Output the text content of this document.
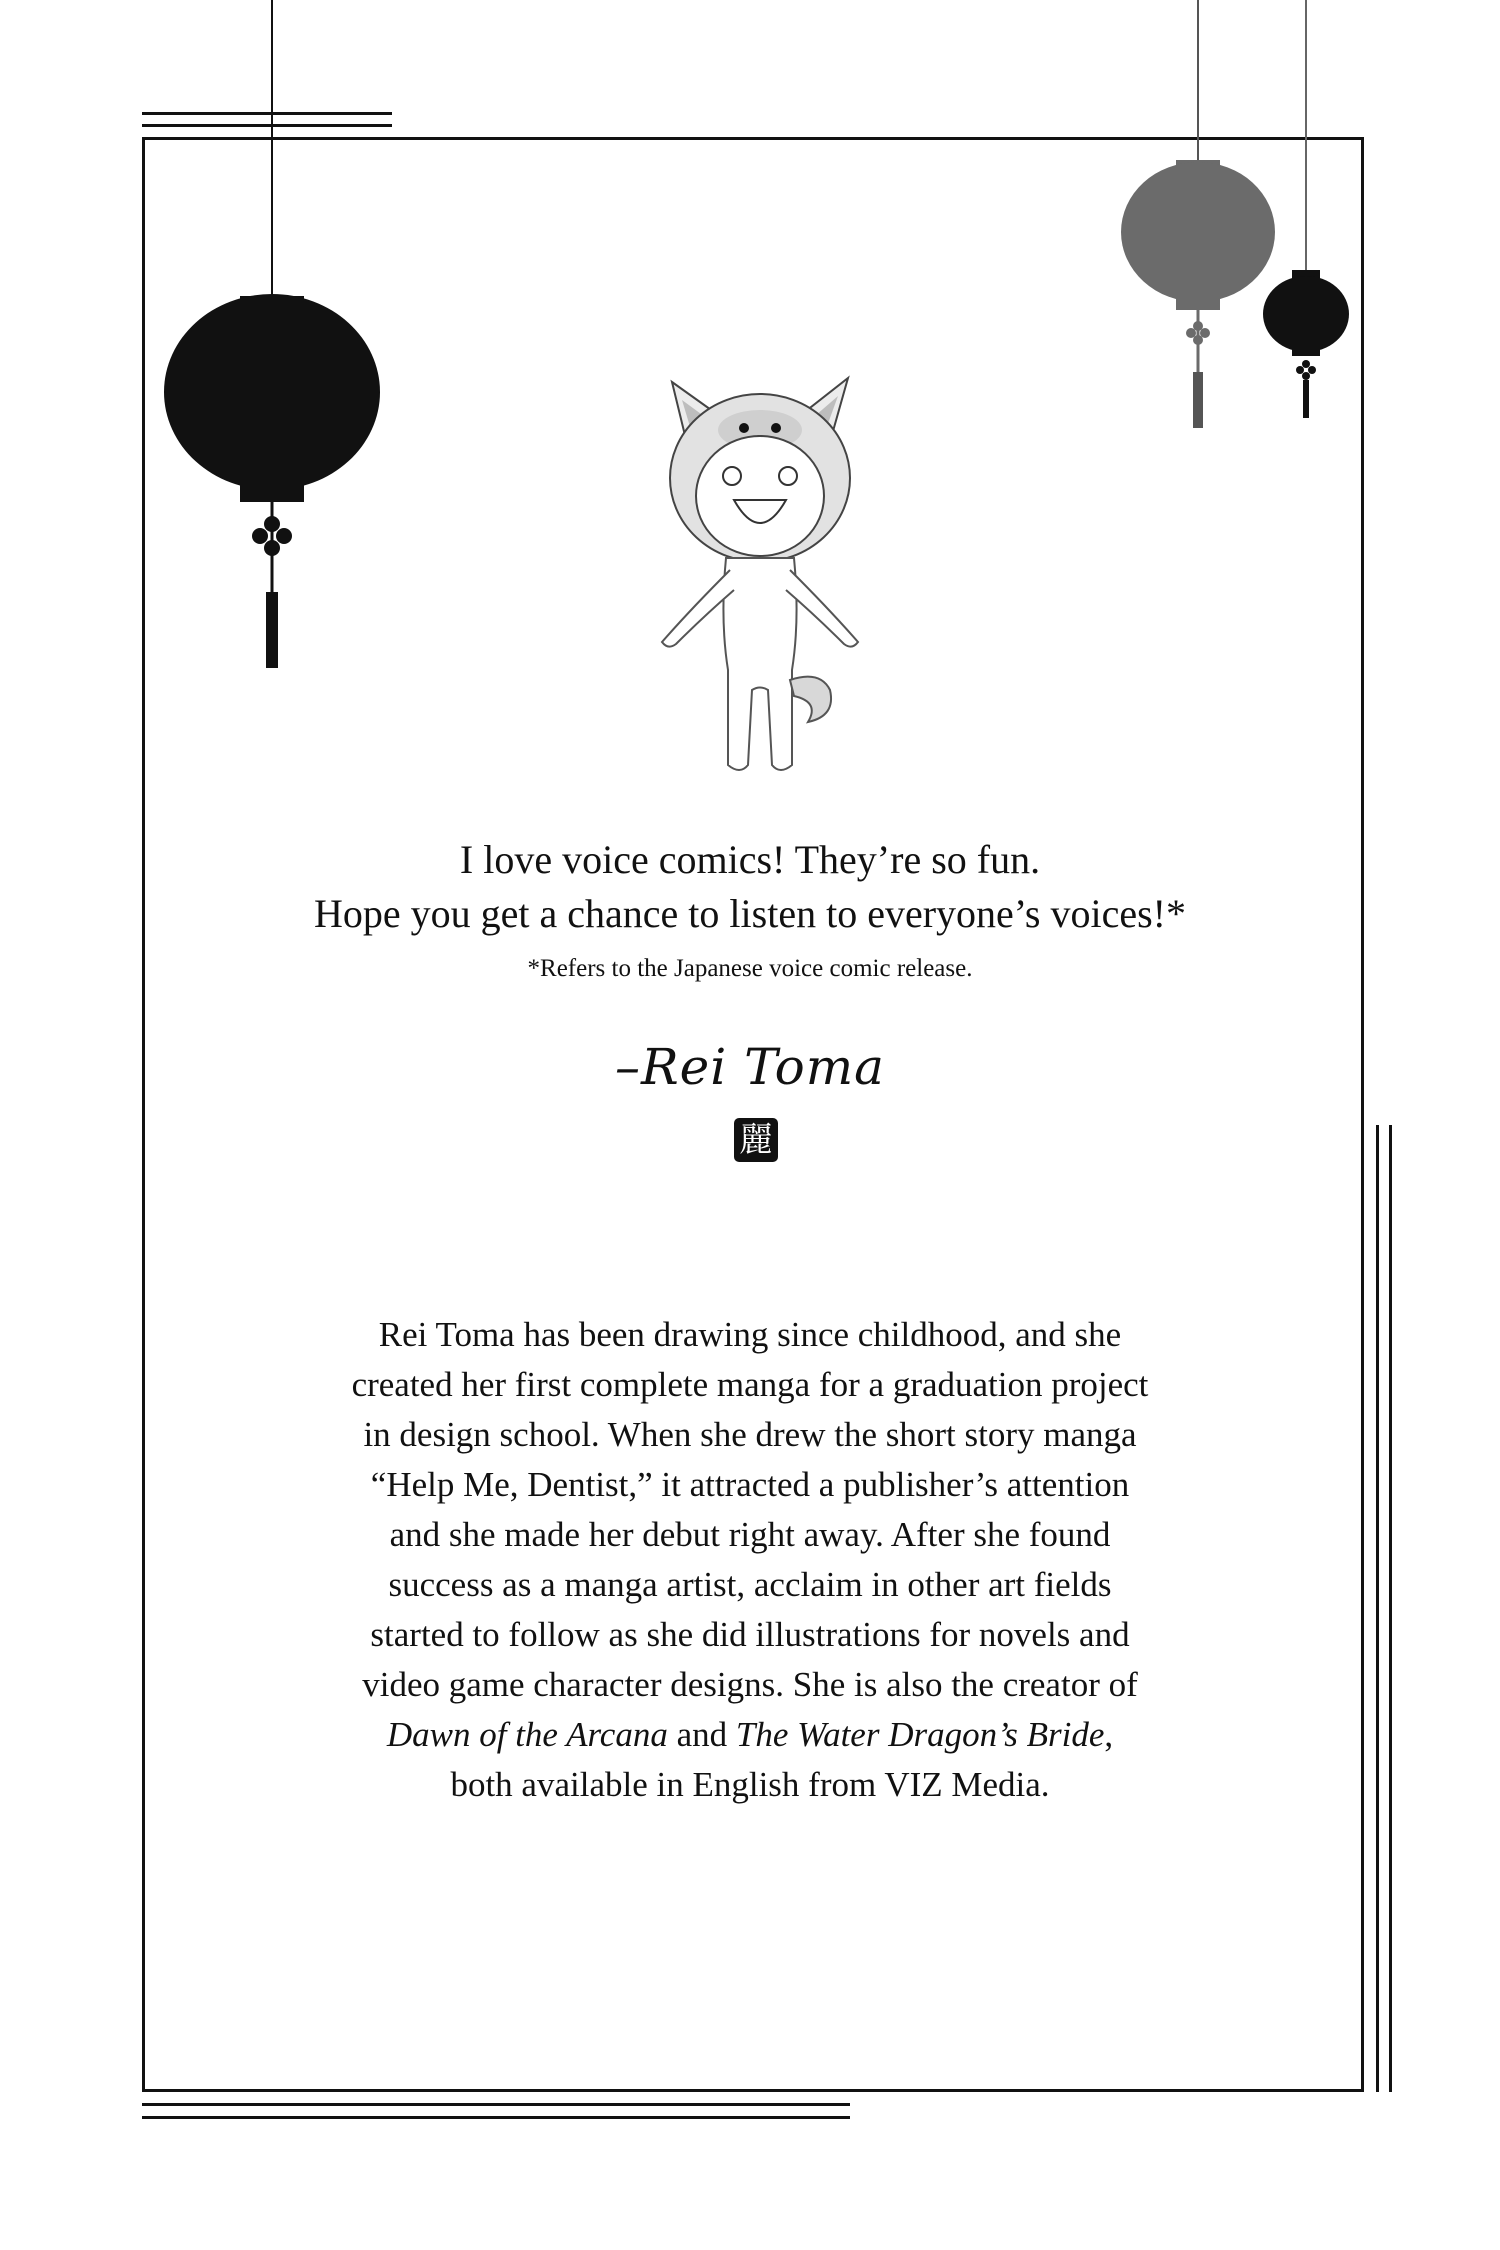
I love voice comics! They’re so fun.
Hope you get a chance to listen to everyone’s voices!*
*Refers to the Japanese voice comic release.
–Rei Toma
麗

Rei Toma has been drawing since childhood, and she

created her first complete manga for a graduation project

in design school. When she drew the short story manga

“Help Me, Dentist,” it attracted a publisher’s attention

and she made her debut right away. After she found

success as a manga artist, acclaim in other art fields

started to follow as she did illustrations for novels and

video game character designs. She is also the creator of

Dawn of the Arcana and The Water Dragon’s Bride,

both available in English from VIZ Media.
